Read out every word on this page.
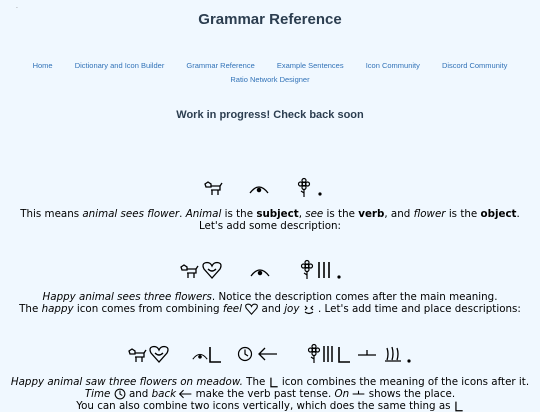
·
Grammar Reference
Home	Dictionary and Icon Builder	Grammar Reference	Example Sentences	Icon Community	Discord Community
Ratio Network Designer
Work in progress! Check back soon
This means animal sees flower. Animal is the subject, see is the verb, and flower is the object.
Let's add some description:
Happy animal sees three flowers. Notice the description comes after the main meaning.
The happy icon comes from combining feel  and joy  . Let's add time and place descriptions:
Happy animal saw three flowers on meadow. The  icon combines the meaning of the icons after it.
Time  and back  make the verb past tense. On  shows the place.
You can also combine two icons vertically, which does the same thing as
